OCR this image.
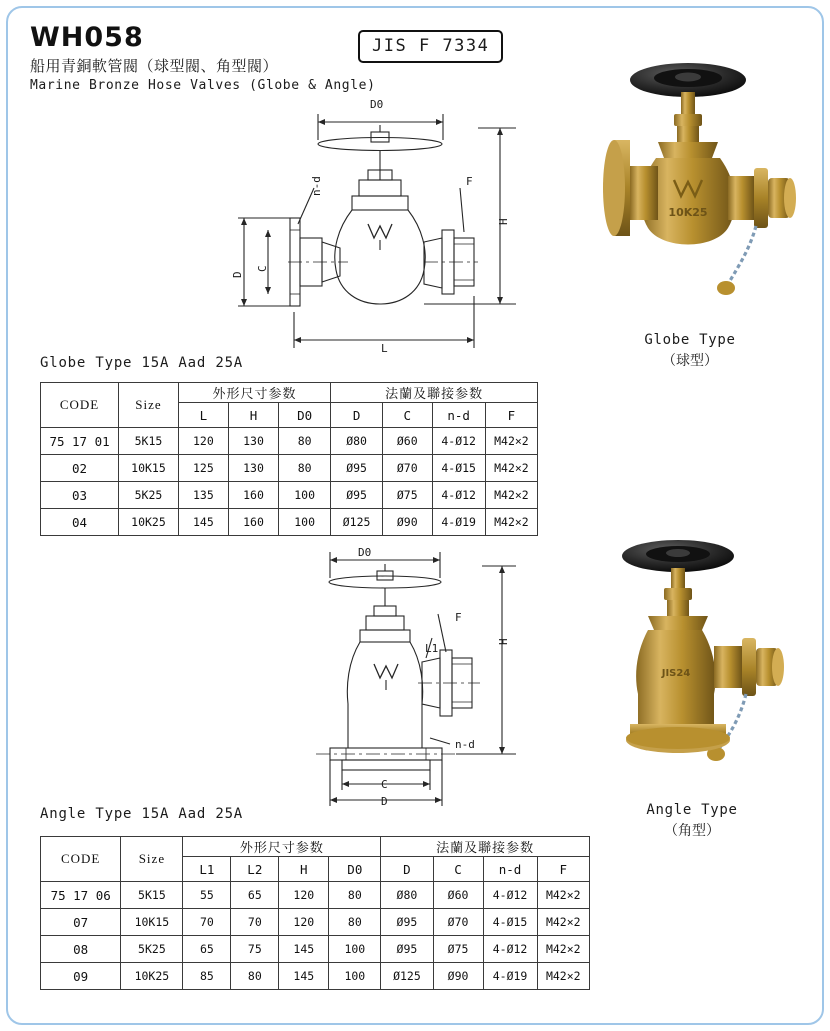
WH058
船用青銅軟管閥（球型閥、角型閥）
Marine Bronze Hose Valves (Globe & Angle)
JIS F 7334
D0
n-d	F
H
D
C
L
Globe Type 15A Aad 25A
10K25
Globe Type
（球型）
CODE	Size	外形尺寸参数			法蘭及聯接参数			
		L	H	D0	D	C	n-d	F
75 17 01	5K15	120	130	80	Ø80	Ø60	4-Ø12	M42×2
02	10K15	125	130	80	Ø95	Ø70	4-Ø15	M42×2
03	5K25	135	160	100	Ø95	Ø75	4-Ø12	M42×2
04	10K25	145	160	100	Ø125	Ø90	4-Ø19	M42×2
D0
F
L1
H
n-d
C
D
Angle Type 15A Aad 25A
JIS24
Angle Type
（角型）
CODE	Size	外形尺寸参数				法蘭及聯接参数			
		L1	L2	H	D0	D	C	n-d	F
75 17 06	5K15	55	65	120	80	Ø80	Ø60	4-Ø12	M42×2
07	10K15	70	70	120	80	Ø95	Ø70	4-Ø15	M42×2
08	5K25	65	75	145	100	Ø95	Ø75	4-Ø12	M42×2
09	10K25	85	80	145	100	Ø125	Ø90	4-Ø19	M42×2
